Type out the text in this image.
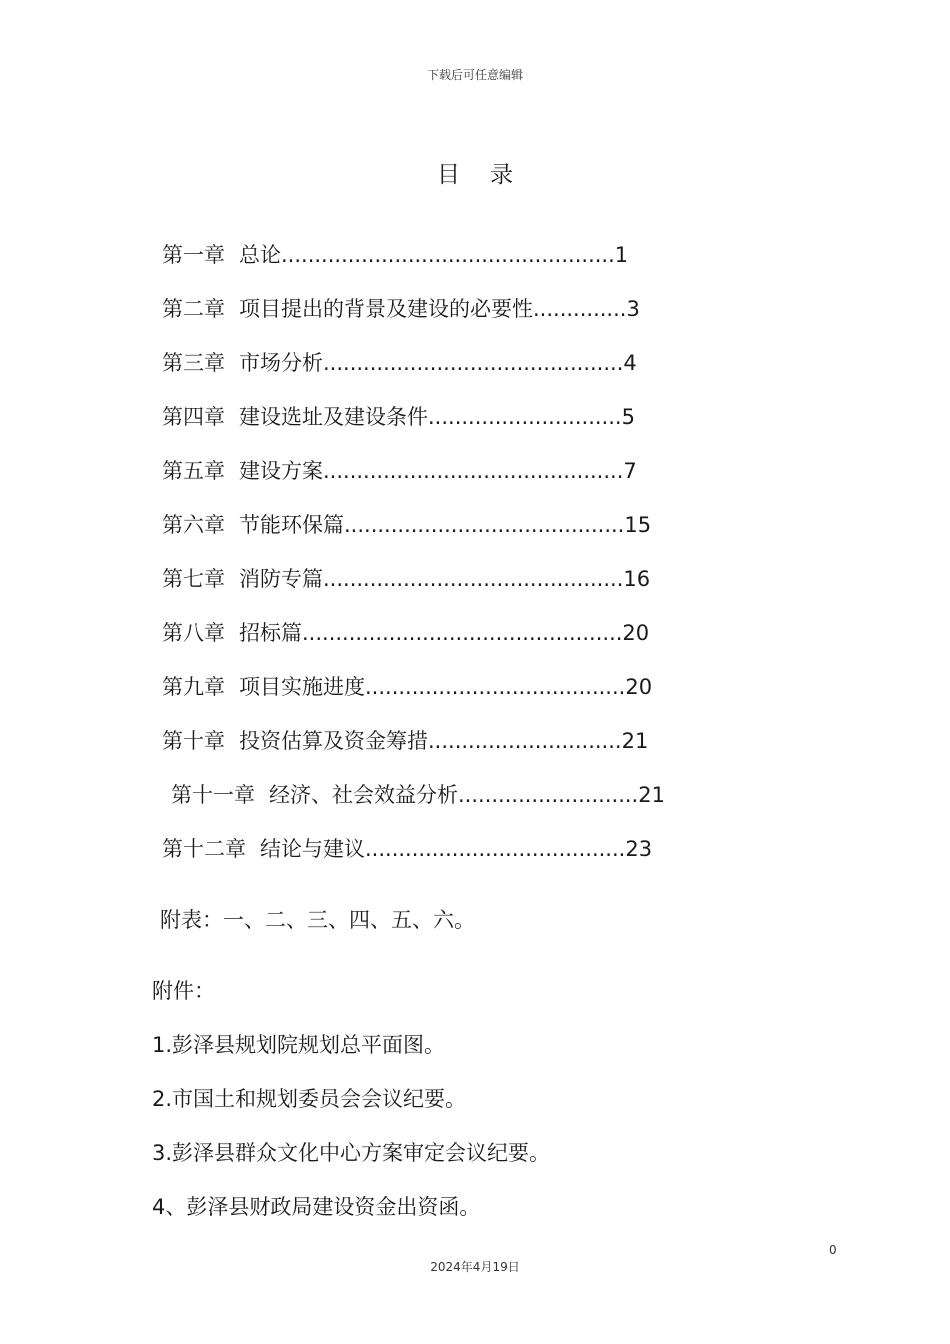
下载后可任意编辑
目 录
第一章 总论..................................................1
第二章 项目提出的背景及建设的必要性..............3
第三章 市场分析.............................................4
第四章 建设选址及建设条件.............................5
第五章 建设方案.............................................7
第六章 节能环保篇..........................................15
第七章 消防专篇.............................................16
第八章 招标篇................................................20
第九章 项目实施进度.......................................20
第十章 投资估算及资金筹措.............................21
第十一章 经济、社会效益分析...........................21
第十二章 结论与建议.......................................23
附表：一、二、三、四、五、六。
附件：
1.彭泽县规划院规划总平面图。
2.市国土和规划委员会会议纪要。
3.彭泽县群众文化中心方案审定会议纪要。
4、彭泽县财政局建设资金出资函。
0
2024年4月19日
